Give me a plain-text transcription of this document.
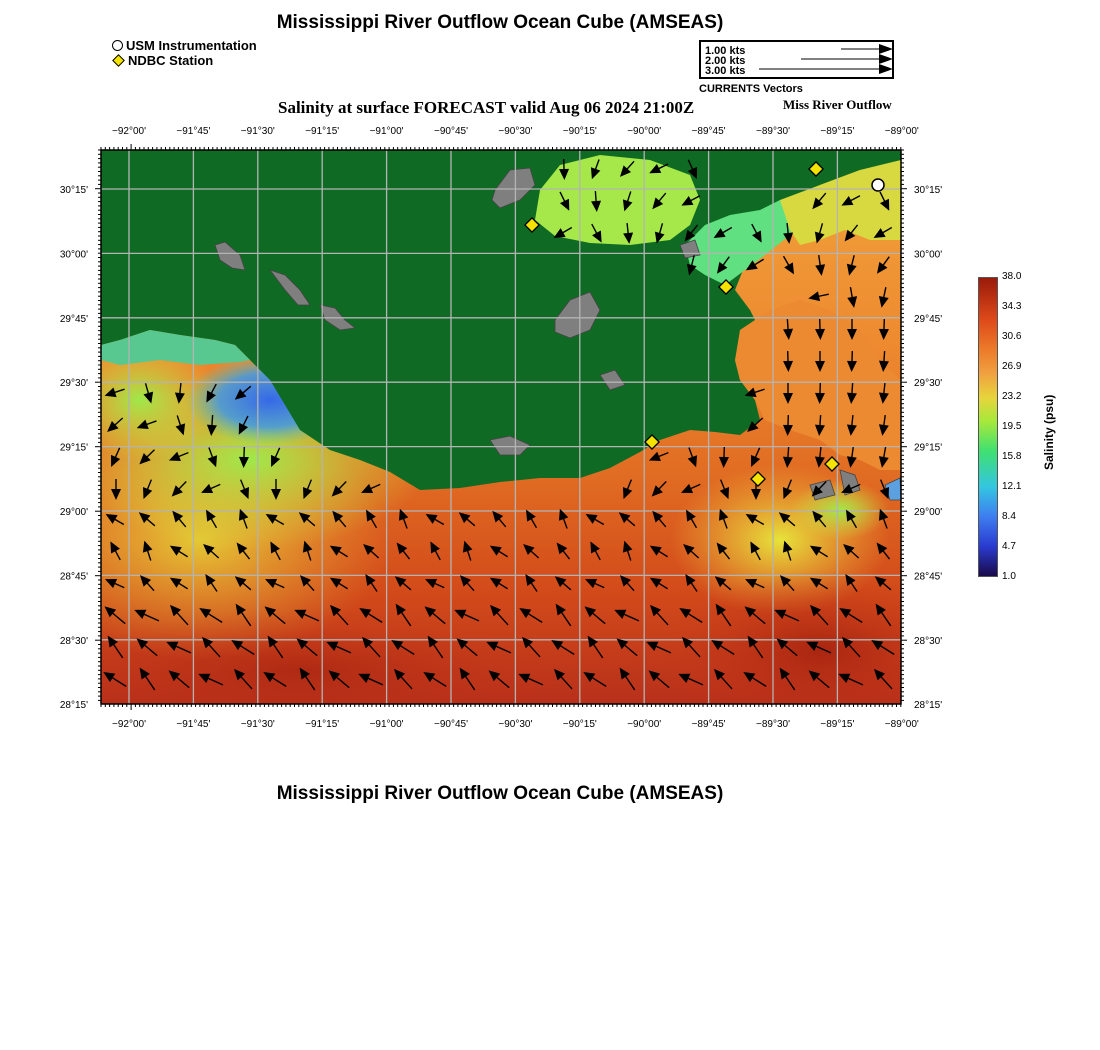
Mississippi River Outflow Ocean Cube (AMSEAS)
USM Instrumentation
NDBC Station
1.00 kts
2.00 kts
3.00 kts
CURRENTS Vectors
Salinity at surface FORECAST valid Aug 06 2024 21:00Z	Miss River Outflow
−92°00'	−91°45'	−91°30'	−91°15'	−91°00'	−90°45'	−90°30'	−90°15'	−90°00'	−89°45'	−89°30'	−89°15'	−89°00'
−92°00'	−91°45'	−91°30'	−91°15'	−91°00'	−90°45'	−90°30'	−90°15'	−90°00'	−89°45'	−89°30'	−89°15'	−89°00'
30°15'
30°00'
29°45'
29°30'
29°15'
29°00'
28°45'
28°30'
28°15'
30°15'
30°00'
29°45'
29°30'
29°15'
29°00'
28°45'
28°30'
28°15'
38.0
34.3
30.6
26.9
23.2
19.5
15.8
12.1
8.4
4.7
1.0
Salinity (psu)
Mississippi River Outflow Ocean Cube (AMSEAS)
